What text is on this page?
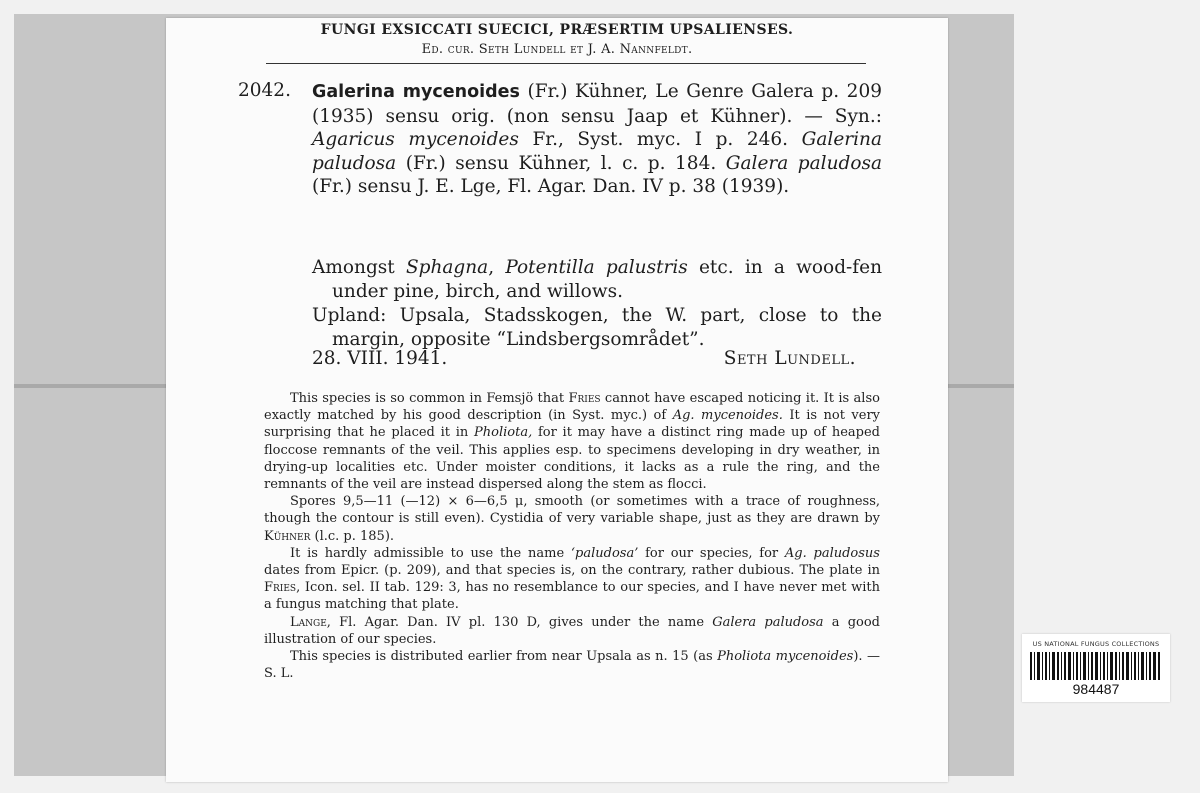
FUNGI EXSICCATI SUECICI, PRÆSERTIM UPSALIENSES.
Ed. cur. Seth Lundell et J. A. Nannfeldt.
2042. Galerina mycenoides (Fr.) Kühner, Le Genre Galera p. 209 (1935) sensu orig. (non sensu Jaap et Kühner). — Syn.: Agaricus mycenoides Fr., Syst. myc. I p. 246. Galerina paludosa (Fr.) sensu Kühner, l. c. p. 184. Galera paludosa (Fr.) sensu J. E. Lge, Fl. Agar. Dan. IV p. 38 (1939).

Amongst Sphagna, Potentilla palustris etc. in a wood-fen under pine, birch, and willows.

Upland: Upsala, Stadsskogen, the W. part, close to the margin, opposite “Lindsbergsområdet”.

28. VIII. 1941.	Seth Lundell.

This species is so common in Femsjö that Fries cannot have escaped noticing it. It is also exactly matched by his good description (in Syst. myc.) of Ag. mycenoides. It is not very surprising that he placed it in Pholiota, for it may have a distinct ring made up of heaped floccose remnants of the veil. This applies esp. to specimens developing in dry weather, in drying-up localities etc. Under moister conditions, it lacks as a rule the ring, and the remnants of the veil are instead dispersed along the stem as flocci.

Spores 9,5—11 (—12) × 6—6,5 μ, smooth (or sometimes with a trace of roughness, though the contour is still even). Cystidia of very variable shape, just as they are drawn by Kühner (l.c. p. 185).

It is hardly admissible to use the name ‘paludosa’ for our species, for Ag. paludosus dates from Epicr. (p. 209), and that species is, on the contrary, rather dubious. The plate in Fries, Icon. sel. II tab. 129: 3, has no resemblance to our species, and I have never met with a fungus matching that plate.

Lange, Fl. Agar. Dan. IV pl. 130 D, gives under the name Galera paludosa a good illustration of our species.

This species is distributed earlier from near Upsala as n. 15 (as Pholiota mycenoides). — S. L.

US NATIONAL FUNGUS COLLECTIONS
984487
